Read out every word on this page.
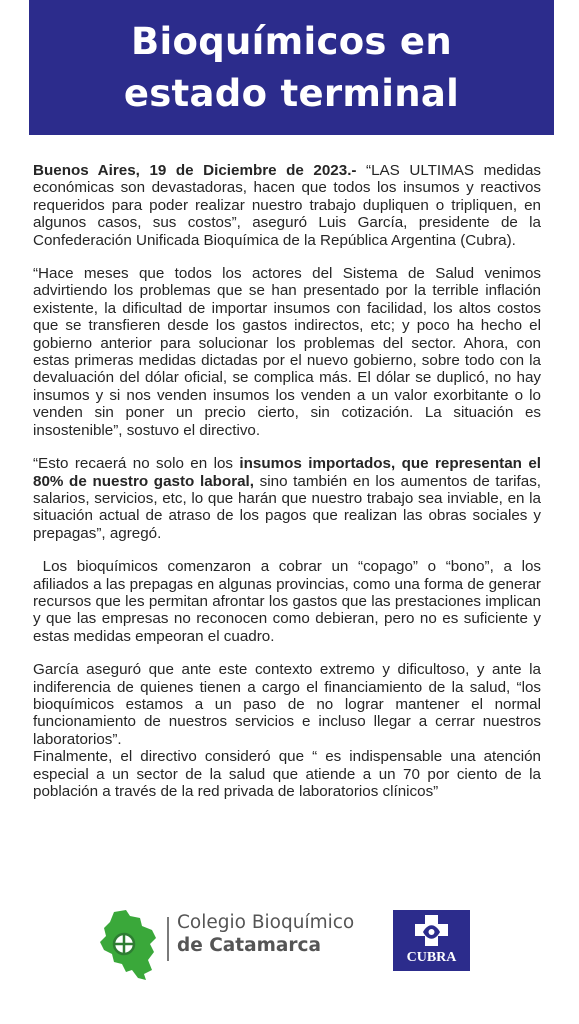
Bioquímicos en
estado terminal

Buenos Aires, 19 de Diciembre de 2023.- “LAS ULTIMAS medidas económicas son devastadoras, hacen que todos los insumos y reactivos requeridos para poder realizar nuestro trabajo dupliquen o tripliquen, en algunos casos, sus costos”, aseguró Luis García, presidente de la Confederación Unificada Bioquímica de la República Argentina (Cubra).

“Hace meses que todos los actores del Sistema de Salud venimos advirtiendo los problemas que se han presentado por la terrible inflación existente, la dificultad de importar insumos con facilidad, los altos costos que se transfieren desde los gastos indirectos, etc; y poco ha hecho el gobierno anterior para solucionar los problemas del sector. Ahora, con estas primeras medidas dictadas por el nuevo gobierno, sobre todo con la devaluación del dólar oficial, se complica más. El dólar se duplicó, no hay insumos y si nos venden insumos los venden a un valor exorbitante o lo venden sin poner un precio cierto, sin cotización. La situación es insostenible”, sostuvo el directivo.

“Esto recaerá no solo en los insumos importados, que representan el 80% de nuestro gasto laboral, sino también en los aumentos de tarifas, salarios, servicios, etc, lo que harán que nuestro trabajo sea inviable, en la situación actual de atraso de los pagos que realizan las obras sociales y prepagas”, agregó.

Los bioquímicos comenzaron a cobrar un “copago” o “bono”, a los afiliados a las prepagas en algunas provincias, como una forma de generar recursos que les permitan afrontar los gastos que las prestaciones implican y que las empresas no reconocen como debieran, pero no es suficiente y estas medidas empeoran el cuadro.

García aseguró que ante este contexto extremo y dificultoso, y ante la indiferencia de quienes tienen a cargo el financiamiento de la salud, “los bioquímicos estamos a un paso de no lograr mantener el normal funcionamiento de nuestros servicios e incluso llegar a cerrar nuestros laboratorios”.

Finalmente, el directivo consideró que “ es indispensable una atención especial a un sector de la salud que atiende a un 70 por ciento de la población a través de la red privada de laboratorios clínicos”

Colegio Bioquímico
de Catamarca
CUBRA
